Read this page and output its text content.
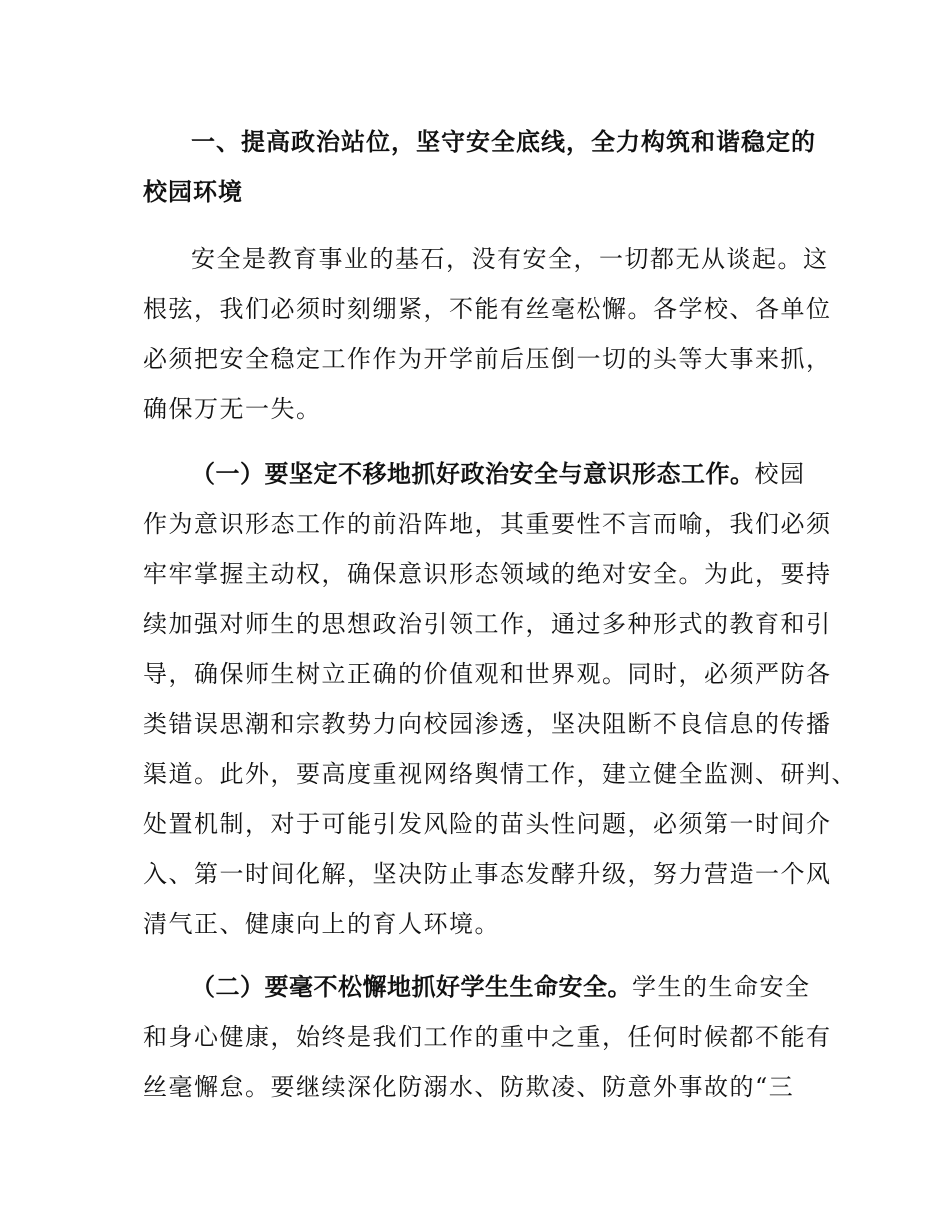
一、提高政治站位，坚守安全底线，全力构筑和谐稳定的
校园环境
安全是教育事业的基石，没有安全，一切都无从谈起。这
根弦，我们必须时刻绷紧，不能有丝毫松懈。各学校、各单位
必须把安全稳定工作作为开学前后压倒一切的头等大事来抓，
确保万无一失。
（一）要坚定不移地抓好政治安全与意识形态工作。校园
作为意识形态工作的前沿阵地，其重要性不言而喻，我们必须
牢牢掌握主动权，确保意识形态领域的绝对安全。为此，要持
续加强对师生的思想政治引领工作，通过多种形式的教育和引
导，确保师生树立正确的价值观和世界观。同时，必须严防各
类错误思潮和宗教势力向校园渗透，坚决阻断不良信息的传播
渠道。此外，要高度重视网络舆情工作，建立健全监测、研判、
处置机制，对于可能引发风险的苗头性问题，必须第一时间介
入、第一时间化解，坚决防止事态发酵升级，努力营造一个风
清气正、健康向上的育人环境。
（二）要毫不松懈地抓好学生生命安全。学生的生命安全
和身心健康，始终是我们工作的重中之重，任何时候都不能有
丝毫懈怠。要继续深化防溺水、防欺凌、防意外事故的“三
